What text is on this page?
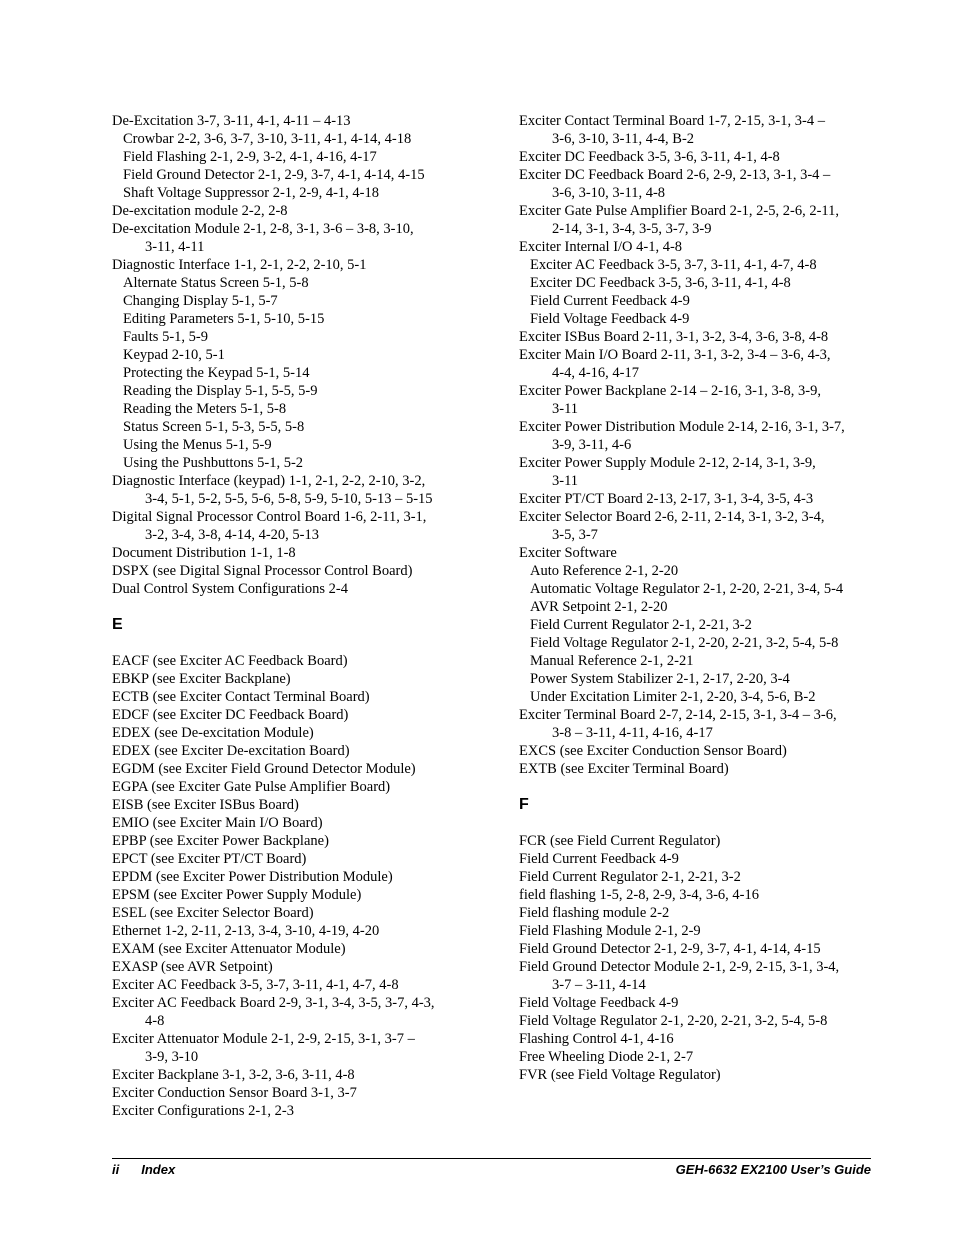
De-Excitation 3-7, 3-11, 4-1, 4-11 – 4-13
Crowbar 2-2, 3-6, 3-7, 3-10, 3-11, 4-1, 4-14, 4-18
Field Flashing 2-1, 2-9, 3-2, 4-1, 4-16, 4-17
Field Ground Detector 2-1, 2-9, 3-7, 4-1, 4-14, 4-15
Shaft Voltage Suppressor 2-1, 2-9, 4-1, 4-18
De-excitation module 2-2, 2-8
De-excitation Module 2-1, 2-8, 3-1, 3-6 – 3-8, 3-10,
3-11, 4-11
Diagnostic Interface 1-1, 2-1, 2-2, 2-10, 5-1
Alternate Status Screen 5-1, 5-8
Changing Display 5-1, 5-7
Editing Parameters 5-1, 5-10, 5-15
Faults 5-1, 5-9
Keypad 2-10, 5-1
Protecting the Keypad 5-1, 5-14
Reading the Display 5-1, 5-5, 5-9
Reading the Meters 5-1, 5-8
Status Screen 5-1, 5-3, 5-5, 5-8
Using the Menus 5-1, 5-9
Using the Pushbuttons 5-1, 5-2
Diagnostic Interface (keypad) 1-1, 2-1, 2-2, 2-10, 3-2,
3-4, 5-1, 5-2, 5-5, 5-6, 5-8, 5-9, 5-10, 5-13 – 5-15
Digital Signal Processor Control Board 1-6, 2-11, 3-1,
3-2, 3-4, 3-8, 4-14, 4-20, 5-13
Document Distribution 1-1, 1-8
DSPX (see Digital Signal Processor Control Board)
Dual Control System Configurations 2-4
E
EACF (see Exciter AC Feedback Board)
EBKP (see Exciter Backplane)
ECTB (see Exciter Contact Terminal Board)
EDCF (see Exciter DC Feedback Board)
EDEX (see De-excitation Module)
EDEX (see Exciter De-excitation Board)
EGDM (see Exciter Field Ground Detector Module)
EGPA (see Exciter Gate Pulse Amplifier Board)
EISB (see Exciter ISBus Board)
EMIO (see Exciter Main I/O Board)
EPBP (see Exciter Power Backplane)
EPCT (see Exciter PT/CT Board)
EPDM (see Exciter Power Distribution Module)
EPSM (see Exciter Power Supply Module)
ESEL (see Exciter Selector Board)
Ethernet 1-2, 2-11, 2-13, 3-4, 3-10, 4-19, 4-20
EXAM (see Exciter Attenuator Module)
EXASP (see AVR Setpoint)
Exciter AC Feedback 3-5, 3-7, 3-11, 4-1, 4-7, 4-8
Exciter AC Feedback Board 2-9, 3-1, 3-4, 3-5, 3-7, 4-3,
4-8
Exciter Attenuator Module 2-1, 2-9, 2-15, 3-1, 3-7 –
3-9, 3-10
Exciter Backplane 3-1, 3-2, 3-6, 3-11, 4-8
Exciter Conduction Sensor Board 3-1, 3-7
Exciter Configurations 2-1, 2-3
Exciter Contact Terminal Board 1-7, 2-15, 3-1, 3-4 –
3-6, 3-10, 3-11, 4-4, B-2
Exciter DC Feedback 3-5, 3-6, 3-11, 4-1, 4-8
Exciter DC Feedback Board 2-6, 2-9, 2-13, 3-1, 3-4 –
3-6, 3-10, 3-11, 4-8
Exciter Gate Pulse Amplifier Board 2-1, 2-5, 2-6, 2-11,
2-14, 3-1, 3-4, 3-5, 3-7, 3-9
Exciter Internal I/O 4-1, 4-8
Exciter AC Feedback 3-5, 3-7, 3-11, 4-1, 4-7, 4-8
Exciter DC Feedback 3-5, 3-6, 3-11, 4-1, 4-8
Field Current Feedback 4-9
Field Voltage Feedback 4-9
Exciter ISBus Board 2-11, 3-1, 3-2, 3-4, 3-6, 3-8, 4-8
Exciter Main I/O Board 2-11, 3-1, 3-2, 3-4 – 3-6, 4-3,
4-4, 4-16, 4-17
Exciter Power Backplane 2-14 – 2-16, 3-1, 3-8, 3-9,
3-11
Exciter Power Distribution Module 2-14, 2-16, 3-1, 3-7,
3-9, 3-11, 4-6
Exciter Power Supply Module 2-12, 2-14, 3-1, 3-9,
3-11
Exciter PT/CT Board 2-13, 2-17, 3-1, 3-4, 3-5, 4-3
Exciter Selector Board 2-6, 2-11, 2-14, 3-1, 3-2, 3-4,
3-5, 3-7
Exciter Software
Auto Reference 2-1, 2-20
Automatic Voltage Regulator 2-1, 2-20, 2-21, 3-4, 5-4
AVR Setpoint 2-1, 2-20
Field Current Regulator 2-1, 2-21, 3-2
Field Voltage Regulator 2-1, 2-20, 2-21, 3-2, 5-4, 5-8
Manual Reference 2-1, 2-21
Power System Stabilizer 2-1, 2-17, 2-20, 3-4
Under Excitation Limiter 2-1, 2-20, 3-4, 5-6, B-2
Exciter Terminal Board 2-7, 2-14, 2-15, 3-1, 3-4 – 3-6,
3-8 – 3-11, 4-11, 4-16, 4-17
EXCS (see Exciter Conduction Sensor Board)
EXTB (see Exciter Terminal Board)
F
FCR (see Field Current Regulator)
Field Current Feedback 4-9
Field Current Regulator 2-1, 2-21, 3-2
field flashing 1-5, 2-8, 2-9, 3-4, 3-6, 4-16
Field flashing module 2-2
Field Flashing Module 2-1, 2-9
Field Ground Detector 2-1, 2-9, 3-7, 4-1, 4-14, 4-15
Field Ground Detector Module 2-1, 2-9, 2-15, 3-1, 3-4,
3-7 – 3-11, 4-14
Field Voltage Feedback 4-9
Field Voltage Regulator 2-1, 2-20, 2-21, 3-2, 5-4, 5-8
Flashing Control 4-1, 4-16
Free Wheeling Diode 2-1, 2-7
FVR (see Field Voltage Regulator)
ii Index	GEH-6632 EX2100 User’s Guide
